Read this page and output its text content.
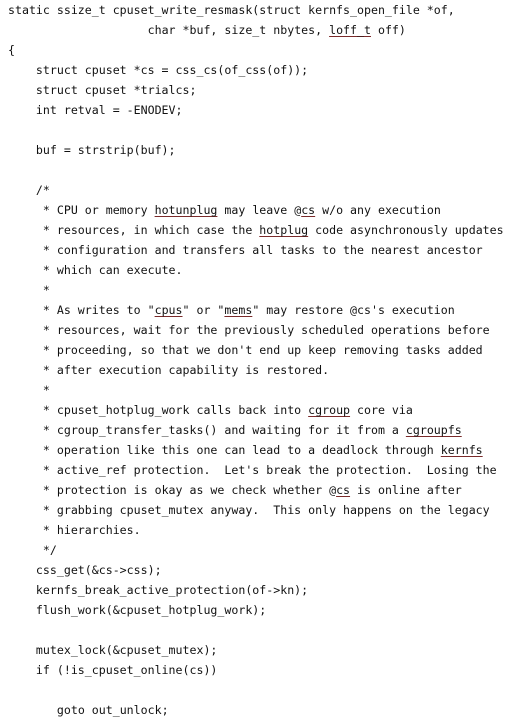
static ssize_t cpuset_write_resmask(struct kernfs_open_file *of,
char *buf, size_t nbytes, loff_t off)
{
struct cpuset *cs = css_cs(of_css(of));
struct cpuset *trialcs;
int retval = -ENODEV;
buf = strstrip(buf);
/*
* CPU or memory hotunplug may leave @cs w/o any execution
* resources, in which case the hotplug code asynchronously updates
* configuration and transfers all tasks to the nearest ancestor
* which can execute.
*
* As writes to "cpus" or "mems" may restore @cs's execution
* resources, wait for the previously scheduled operations before
* proceeding, so that we don't end up keep removing tasks added
* after execution capability is restored.
*
* cpuset_hotplug_work calls back into cgroup core via
* cgroup_transfer_tasks() and waiting for it from a cgroupfs
* operation like this one can lead to a deadlock through kernfs
* active_ref protection.  Let's break the protection.  Losing the
* protection is okay as we check whether @cs is online after
* grabbing cpuset_mutex anyway.  This only happens on the legacy
* hierarchies.
*/
css_get(&cs->css);
kernfs_break_active_protection(of->kn);
flush_work(&cpuset_hotplug_work);
mutex_lock(&cpuset_mutex);
if (!is_cpuset_online(cs))
goto out_unlock;
